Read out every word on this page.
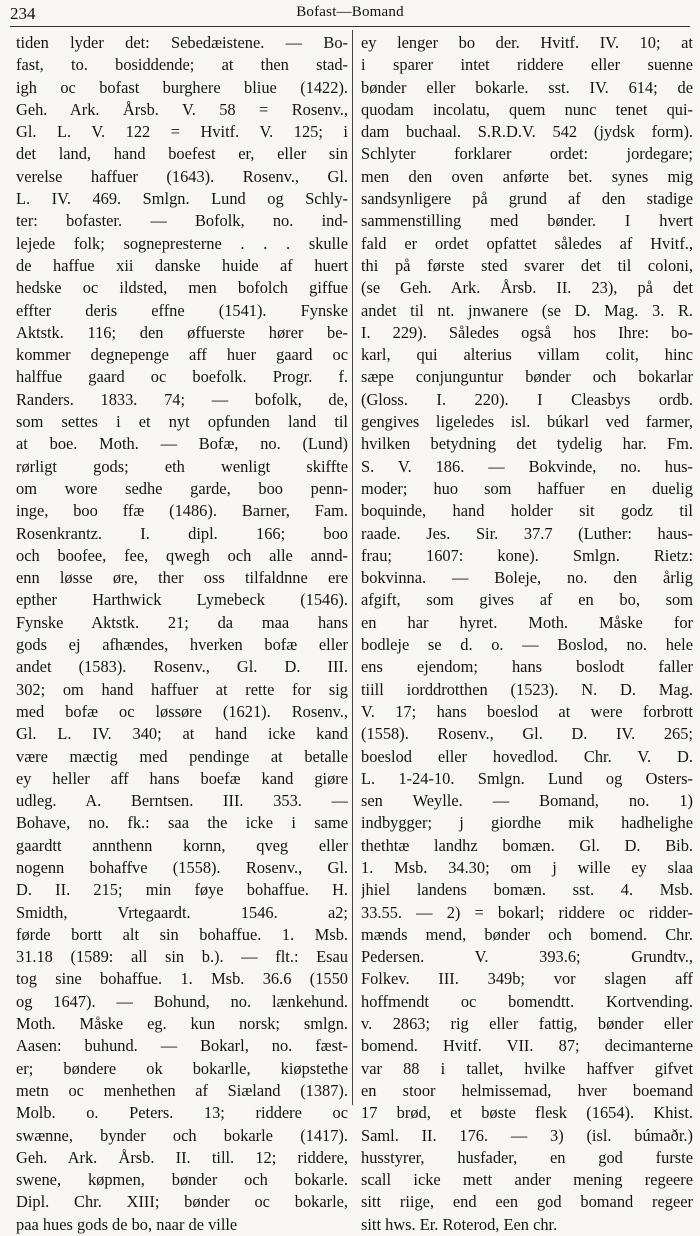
234	Bofast—Bomand
tiden lyder det: Sebedæistene. — Bo-
fast, to. bosiddende; at then stad-
igh oc bofast burghere bliue (1422).
Geh. Ark. Årsb. V. 58 = Rosenv.,
Gl. L. V. 122 = Hvitf. V. 125; i
det land, hand boefest er, eller sin
verelse haffuer (1643). Rosenv., Gl.
L. IV. 469. Smlgn. Lund og Schly-
ter: bofaster. — Bofolk, no. ind-
lejede folk; sognepresterne . . . skulle
de haffue xii danske huide af huert
hedske oc ildsted, men bofolch giffue
effter deris effne (1541). Fynske
Aktstk. 116; den øffuerste hører be-
kommer degnepenge aff huer gaard oc
halffue gaard oc boefolk. Progr. f.
Randers. 1833. 74; — bofolk, de,
som settes i et nyt opfunden land til
at boe. Moth. — Bofæ, no. (Lund)
rørligt gods; eth wenligt skiffte
om wore sedhe garde, boo penn-
inge, boo ffæ (1486). Barner, Fam.
Rosenkrantz. I. dipl. 166; boo
och boofee, fee, qwegh och alle annd-
enn løsse øre, ther oss tilfaldnne ere
epther Harthwick Lymebeck (1546).
Fynske Aktstk. 21; da maa hans
gods ej afhændes, hverken bofæ eller
andet (1583). Rosenv., Gl. D. III.
302; om hand haffuer at rette for sig
med bofæ oc løssøre (1621). Rosenv.,
Gl. L. IV. 340; at hand icke kand
være mæctig med pendinge at betalle
ey heller aff hans boefæ kand giøre
udleg. A. Berntsen. III. 353. —
Bohave, no. fk.: saa the icke i same
gaardtt annthenn kornn, qveg eller
nogenn bohaffve (1558). Rosenv., Gl.
D. II. 215; min føye bohaffue. H.
Smidth, Vrtegaardt. 1546. a2;
førde bortt alt sin bohaffue. 1. Msb.
31.18 (1589: all sin b.). — flt.: Esau
tog sine bohaffue. 1. Msb. 36.6 (1550
og 1647). — Bohund, no. lænkehund.
Moth. Måske eg. kun norsk; smlgn.
Aasen: buhund. — Bokarl, no. fæst-
er; bøndere ok bokarlle, kiøpstethe
metn oc menhethen af Siæland (1387).
Molb. o. Peters. 13; riddere oc
swænne, bynder och bokarle (1417).
Geh. Ark. Årsb. II. till. 12; riddere,
swene, køpmen, bønder och bokarle.
Dipl. Chr. XIII; bønder oc bokarle,
paa hues gods de bo, naar de ville
ey lenger bo der. Hvitf. IV. 10; at
i sparer intet riddere eller suenne
bønder eller bokarle. sst. IV. 614; de
quodam incolatu, quem nunc tenet qui-
dam buchaal. S.R.D.V. 542 (jydsk form).
Schlyter forklarer ordet: jordegare;
men den oven anførte bet. synes mig
sandsynligere på grund af den stadige
sammenstilling med bønder. I hvert
fald er ordet opfattet således af Hvitf.,
thi på første sted svarer det til coloni,
(se Geh. Ark. Årsb. II. 23), på det
andet til nt. jnwanere (se D. Mag. 3. R.
I. 229). Således også hos Ihre: bo-
karl, qui alterius villam colit, hinc
sæpe conjunguntur bønder och bokarlar
(Gloss. I. 220). I Cleasbys ordb.
gengives ligeledes isl. búkarl ved farmer,
hvilken betydning det tydelig har. Fm.
S. V. 186. — Bokvinde, no. hus-
moder; huo som haffuer en duelig
boquinde, hand holder sit godz til
raade. Jes. Sir. 37.7 (Luther: haus-
frau; 1607: kone). Smlgn. Rietz:
bokvinna. — Boleje, no. den årlig
afgift, som gives af en bo, som
en har hyret. Moth. Måske for
bodleje se d. o. — Boslod, no. hele
ens ejendom; hans boslodt faller
tiill iorddrotthen (1523). N. D. Mag.
V. 17; hans boeslod at were forbrott
(1558). Rosenv., Gl. D. IV. 265;
boeslod eller hovedlod. Chr. V. D.
L. 1-24-10. Smlgn. Lund og Osters-
sen Weylle. — Bomand, no. 1)
indbygger; j giordhe mik hadhelighe
thethtæ landhz bomæn. Gl. D. Bib.
1. Msb. 34.30; om j wille ey slaa
jhiel landens bomæn. sst. 4. Msb.
33.55. — 2) = bokarl; riddere oc ridder-
mænds mend, bønder och bomend. Chr.
Pedersen. V. 393.6; Grundtv.,
Folkev. III. 349b; vor slagen aff
hoffmendt oc bomendtt. Kortvending.
v. 2863; rig eller fattig, bønder eller
bomend. Hvitf. VII. 87; decimanterne
var 88 i tallet, hvilke haffver gifvet
en stoor helmissemad, hver boemand
17 brød, et bøste flesk (1654). Khist.
Saml. II. 176. — 3) (isl. búmaðr.)
husstyrer, husfader, en god furste
scall icke mett ander mening regeere
sitt riige, end een god bomand regeer
sitt hws. Er. Roterod, Een chr.
